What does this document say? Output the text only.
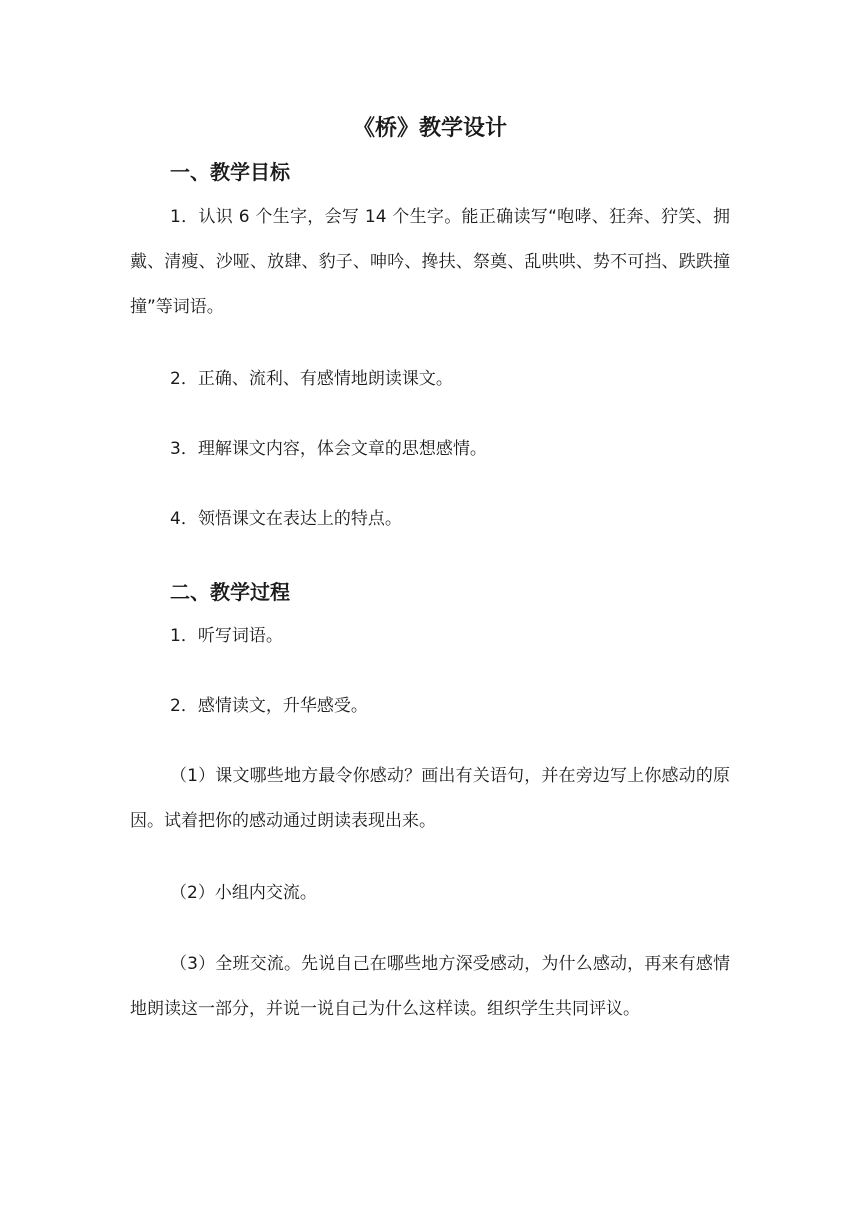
《桥》教学设计
一、教学目标

1．认识 6 个生字，会写 14 个生字。能正确读写“咆哮、狂奔、狞笑、拥戴、清瘦、沙哑、放肆、豹子、呻吟、搀扶、祭奠、乱哄哄、势不可挡、跌跌撞撞”等词语。

2．正确、流利、有感情地朗读课文。

3．理解课文内容，体会文章的思想感情。

4．领悟课文在表达上的特点。

二、教学过程

1．听写词语。

2．感情读文，升华感受。

（1）课文哪些地方最令你感动？画出有关语句，并在旁边写上你感动的原因。试着把你的感动通过朗读表现出来。

（2）小组内交流。

（3）全班交流。先说自己在哪些地方深受感动，为什么感动，再来有感情地朗读这一部分，并说一说自己为什么这样读。组织学生共同评议。
